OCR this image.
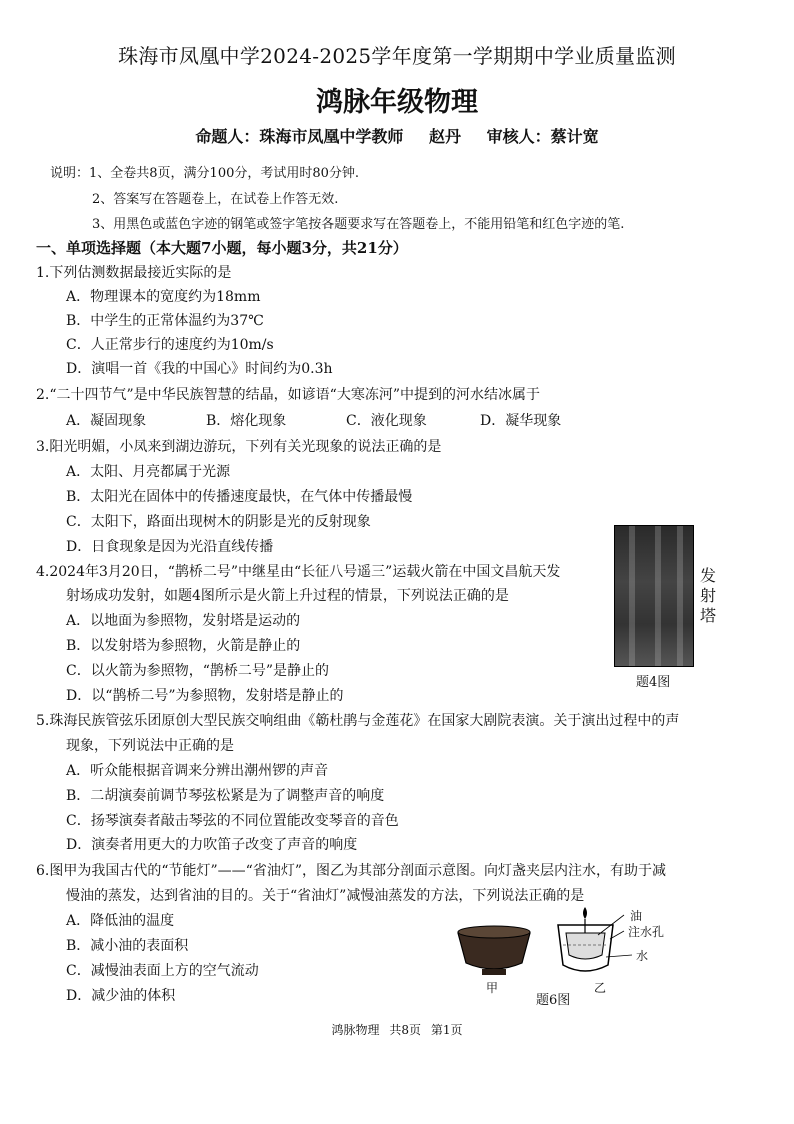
珠海市凤凰中学2024-2025学年度第一学期期中学业质量监测
鸿脉年级物理
命题人：珠海市凤凰中学教师 赵丹 审核人：蔡计宽
说明：1、全卷共8页，满分100分，考试用时80分钟.
2、答案写在答题卷上，在试卷上作答无效.
3、用黑色或蓝色字迹的钢笔或签字笔按各题要求写在答题卷上，不能用铅笔和红色字迹的笔.
一、单项选择题（本大题7小题，每小题3分，共21分）
1.下列估测数据最接近实际的是
A．物理课本的宽度约为18mm
B．中学生的正常体温约为37℃
C．人正常步行的速度约为10m/s
D．演唱一首《我的中国心》时间约为0.3h
2.“二十四节气”是中华民族智慧的结晶，如谚语“大寒冻河”中提到的河水结冰属于
A．凝固现象	B．熔化现象	C．液化现象	D．凝华现象
3.阳光明媚，小凤来到湖边游玩，下列有关光现象的说法正确的是
A．太阳、月亮都属于光源
B．太阳光在固体中的传播速度最快，在气体中传播最慢
C．太阳下，路面出现树木的阴影是光的反射现象
D．日食现象是因为光沿直线传播
4.2024年3月20日，“鹊桥二号”中继星由“长征八号遥三”运载火箭在中国文昌航天发
射场成功发射，如题4图所示是火箭上升过程的情景，下列说法正确的是
A．以地面为参照物，发射塔是运动的
B．以发射塔为参照物，火箭是静止的
C．以火箭为参照物，“鹊桥二号”是静止的
D．以“鹊桥二号”为参照物，发射塔是静止的
发射塔
题4图
5.珠海民族管弦乐团原创大型民族交响组曲《簕杜鹃与金莲花》在国家大剧院表演。关于演出过程中的声
现象，下列说法中正确的是
A．听众能根据音调来分辨出潮州锣的声音
B．二胡演奏前调节琴弦松紧是为了调整声音的响度
C．扬琴演奏者敲击琴弦的不同位置能改变琴音的音色
D．演奏者用更大的力吹笛子改变了声音的响度
6.图甲为我国古代的“节能灯”——“省油灯”，图乙为其部分剖面示意图。向灯盏夹层内注水，有助于减
慢油的蒸发，达到省油的目的。关于“省油灯”减慢油蒸发的方法，下列说法正确的是
A．降低油的温度
B．减小油的表面积
C．减慢油表面上方的空气流动
D．减少油的体积
油
注水孔
水
甲	乙
题6图
鸿脉物理 共8页 第1页
